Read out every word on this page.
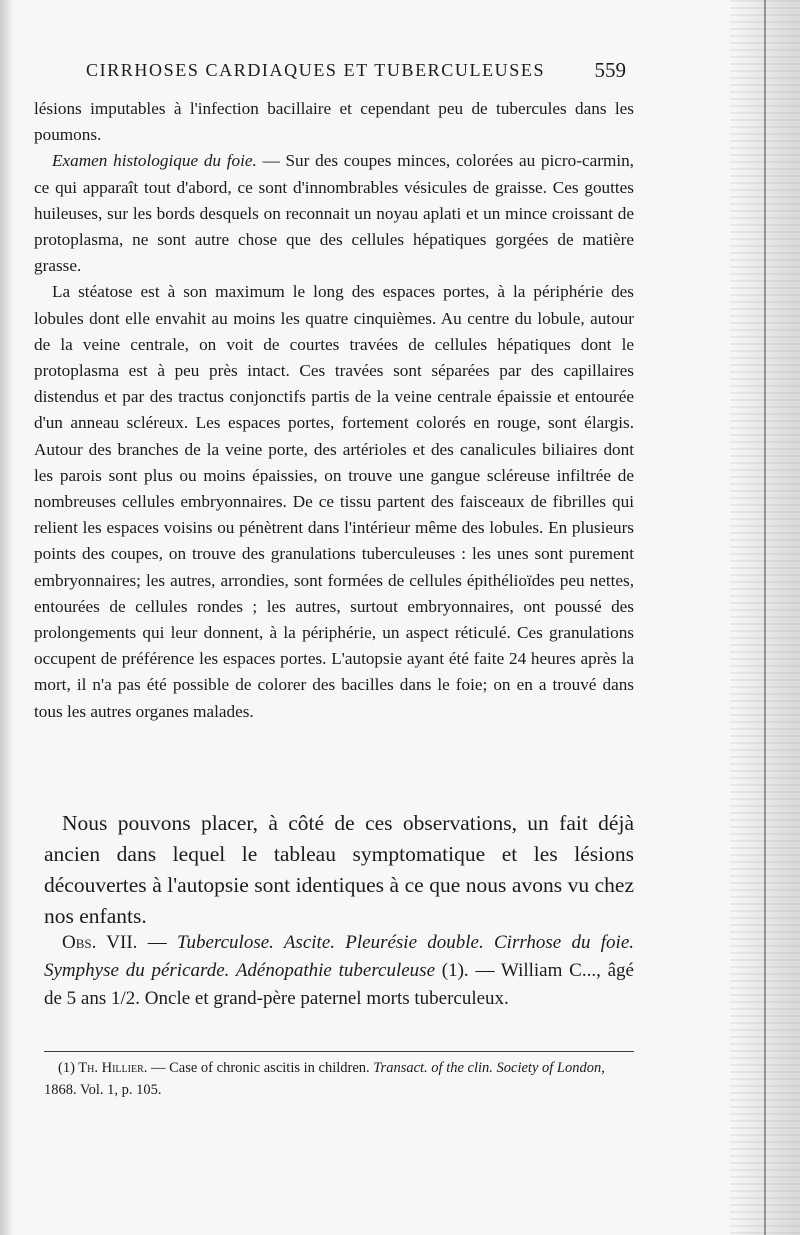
CIRRHOSES CARDIAQUES ET TUBERCULEUSES 559

lésions imputables à l'infection bacillaire et cependant peu de tubercules dans les poumons.

Examen histologique du foie. — Sur des coupes minces, colorées au picro-carmin, ce qui apparaît tout d'abord, ce sont d'innombrables vésicules de graisse. Ces gouttes huileuses, sur les bords desquels on reconnait un noyau aplati et un mince croissant de protoplasma, ne sont autre chose que des cellules hépatiques gorgées de matière grasse.

La stéatose est à son maximum le long des espaces portes, à la périphérie des lobules dont elle envahit au moins les quatre cinquièmes. Au centre du lobule, autour de la veine centrale, on voit de courtes travées de cellules hépatiques dont le protoplasma est à peu près intact. Ces travées sont séparées par des capillaires distendus et par des tractus conjonctifs partis de la veine centrale épaissie et entourée d'un anneau scléreux. Les espaces portes, fortement colorés en rouge, sont élargis. Autour des branches de la veine porte, des artérioles et des canalicules biliaires dont les parois sont plus ou moins épaissies, on trouve une gangue scléreuse infiltrée de nombreuses cellules embryonnaires. De ce tissu partent des faisceaux de fibrilles qui relient les espaces voisins ou pénètrent dans l'intérieur même des lobules. En plusieurs points des coupes, on trouve des granulations tuberculeuses : les unes sont purement embryonnaires; les autres, arrondies, sont formées de cellules épithélioïdes peu nettes, entourées de cellules rondes ; les autres, surtout embryonnaires, ont poussé des prolongements qui leur donnent, à la périphérie, un aspect réticulé. Ces granulations occupent de préférence les espaces portes. L'autopsie ayant été faite 24 heures après la mort, il n'a pas été possible de colorer des bacilles dans le foie; on en a trouvé dans tous les autres organes malades.

Nous pouvons placer, à côté de ces observations, un fait déjà ancien dans lequel le tableau symptomatique et les lésions découvertes à l'autopsie sont identiques à ce que nous avons vu chez nos enfants.

Obs. VII. — Tuberculose. Ascite. Pleurésie double. Cirrhose du foie. Symphyse du péricarde. Adénopathie tuberculeuse (1). — William C..., âgé de 5 ans 1/2. Oncle et grand-père paternel morts tuberculeux.

(1) Th. Hillier. — Case of chronic ascitis in children. Transact. of the clin. Society of London, 1868. Vol. 1, p. 105.
